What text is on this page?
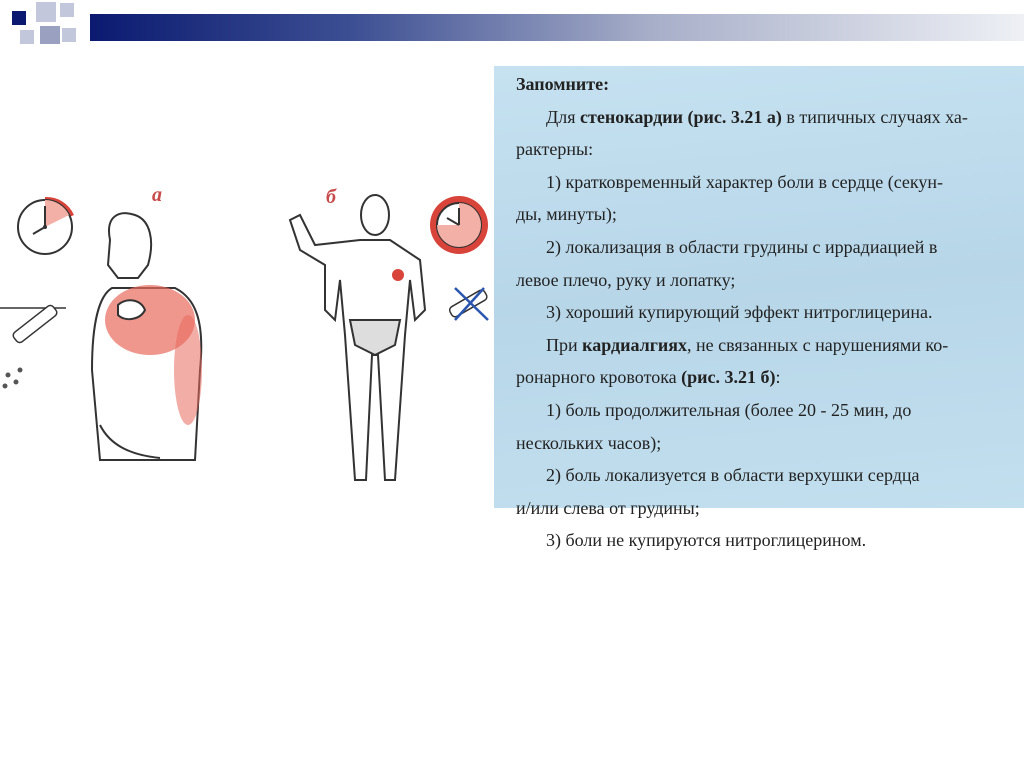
а	б
Запомните:
Для стенокардии (рис. 3.21 а) в типичных случаях ха-
рактерны:
1) кратковременный характер боли в сердце (секун-
ды, минуты);
2) локализация в области грудины с иррадиацией в
левое плечо, руку и лопатку;
3) хороший купирующий эффект нитроглицерина.
При кардиалгиях, не связанных с нарушениями ко-
ронарного кровотока (рис. 3.21 б):
1) боль продолжительная (более 20 - 25 мин, до
нескольких часов);
2) боль локализуется в области верхушки сердца
и/или слева от грудины;
3) боли не купируются нитроглицерином.
